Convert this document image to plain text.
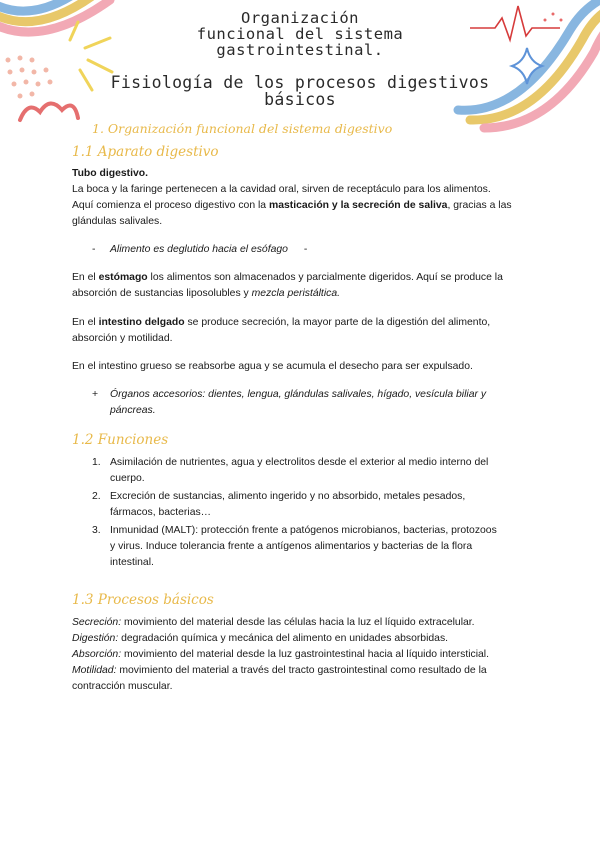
Organización
funcional del sistema
gastrointestinal.
Fisiología de los procesos digestivos
básicos
1. Organización funcional del sistema digestivo
1.1 Aparato digestivo

Tubo digestivo.

La boca y la faringe pertenecen a la cavidad oral, sirven de receptáculo para los alimentos.

Aquí comienza el proceso digestivo con la masticación y la secreción de saliva, gracias a las

glándulas salivales.

- Alimento es deglutido hacia el esófago -

En el estómago los alimentos son almacenados y parcialmente digeridos. Aquí se produce la

absorción de sustancias liposolubles y mezcla peristáltica.

En el intestino delgado se produce secreción, la mayor parte de la digestión del alimento,

absorción y motilidad.

En el intestino grueso se reabsorbe agua y se acumula el desecho para ser expulsado.

+ Órganos accesorios: dientes, lengua, glándulas salivales, hígado, vesícula biliar y
páncreas.
1.2 Funciones
1. Asimilación de nutrientes, agua y electrolitos desde el exterior al medio interno del
cuerpo.
2. Excreción de sustancias, alimento ingerido y no absorbido, metales pesados,
fármacos, bacterias…
3. Inmunidad (MALT): protección frente a patógenos microbianos, bacterias, protozoos
y virus. Induce tolerancia frente a antígenos alimentarios y bacterias de la flora
intestinal.
1.3 Procesos básicos

Secreción: movimiento del material desde las células hacia la luz el líquido extracelular.

Digestión: degradación química y mecánica del alimento en unidades absorbidas.

Absorción: movimiento del material desde la luz gastrointestinal hacia al líquido intersticial.

Motilidad: movimiento del material a través del tracto gastrointestinal como resultado de la

contracción muscular.
